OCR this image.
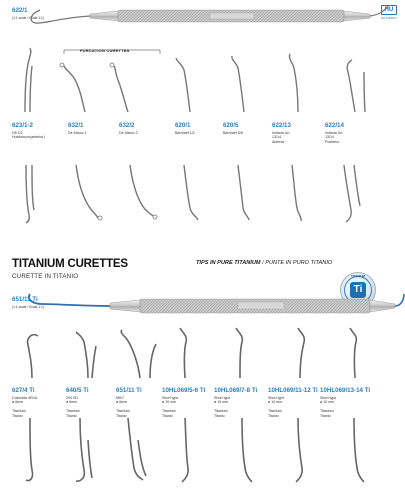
622/1
(1:1 scale / Scala 1:1)
HU
HU-FRIEDY
FURCATION CURETTES
623/1-2
H5 1/2
Hutchinson(anterior)
632/1
De Marco 1
632/2
De Marco 2
620/1
Barnhart 1/2
620/5
Barnhart 5/6
622/13
Indiana Un.
13/14
Anterior
622/14
Indiana Un.
13/14
Posterior
TITANIUM CURETTES
CURETTE IN TITANIO
TIPS IN PURE TITANIUM / PUNTE IN PURO TITANIO
TITANIUM
Ti
651/11 Ti
(1:1 scale / Scala 1:1)
627/4 Ti
Columbia 4R/4L
ø 6mm

Titanium
Titanio
640/5 Ti
204 SD
ø 6mm

Titanium
Titanio
651/11 Ti
M6/7
ø 6mm

Titanium
Titanio
10HL069/5-6 Ti
Short type
ø 10 mm

Titanium
Titanio
10HL069/7-8 Ti
Short type
ø 10 mm

Titanium
Titanio
10HL069/11-12 Ti
Short type
ø 10 mm

Titanium
Titanio
10HL069/13-14 Ti
Short type
ø 10 mm

Titanium
Titanio
